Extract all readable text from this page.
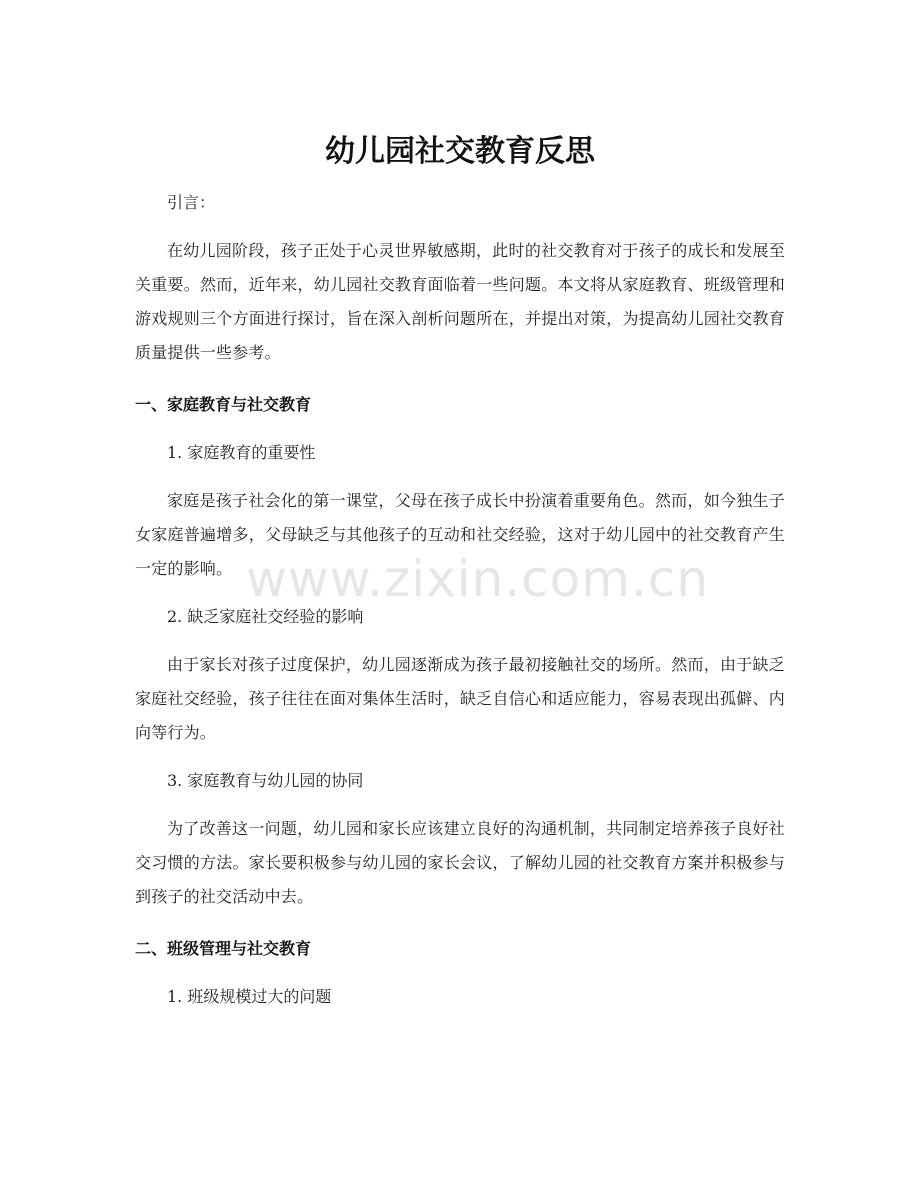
幼儿园社交教育反思

引言：

在幼儿园阶段，孩子正处于心灵世界敏感期，此时的社交教育对于孩子的成长和发展至关重要。然而，近年来，幼儿园社交教育面临着一些问题。本文将从家庭教育、班级管理和游戏规则三个方面进行探讨，旨在深入剖析问题所在，并提出对策，为提高幼儿园社交教育质量提供一些参考。

一、家庭教育与社交教育

1. 家庭教育的重要性

家庭是孩子社会化的第一课堂，父母在孩子成长中扮演着重要角色。然而，如今独生子女家庭普遍增多，父母缺乏与其他孩子的互动和社交经验，这对于幼儿园中的社交教育产生一定的影响。

2. 缺乏家庭社交经验的影响

由于家长对孩子过度保护，幼儿园逐渐成为孩子最初接触社交的场所。然而，由于缺乏家庭社交经验，孩子往往在面对集体生活时，缺乏自信心和适应能力，容易表现出孤僻、内向等行为。

3. 家庭教育与幼儿园的协同

为了改善这一问题，幼儿园和家长应该建立良好的沟通机制，共同制定培养孩子良好社交习惯的方法。家长要积极参与幼儿园的家长会议，了解幼儿园的社交教育方案并积极参与到孩子的社交活动中去。

二、班级管理与社交教育

1. 班级规模过大的问题

www.zixin.com.cn
